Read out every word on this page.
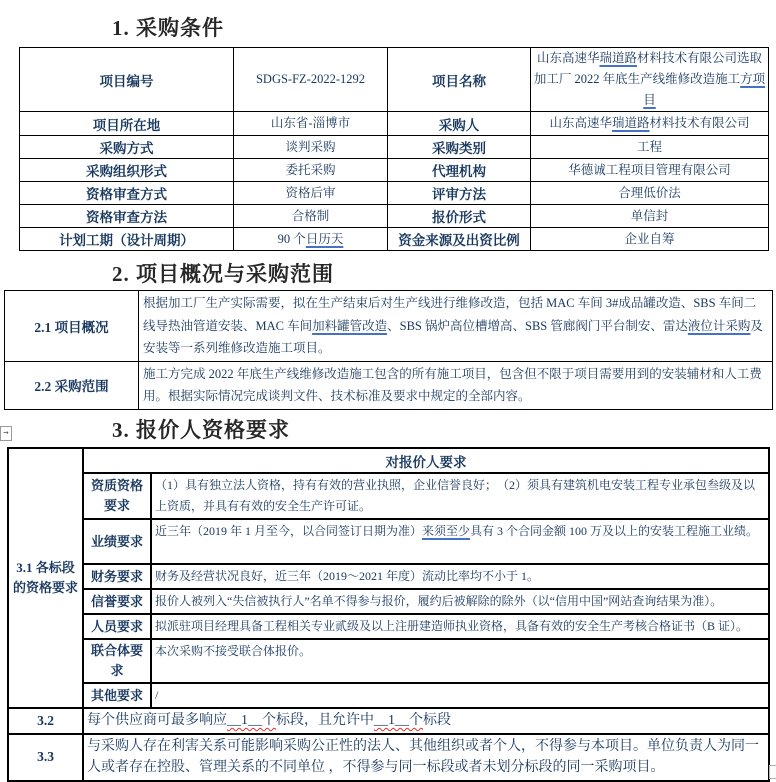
1. 采购条件
项目编号	SDGS-FZ-2022-1292	项目名称	山东高速华瑞道路材料技术有限公司选取加工厂 2022 年底生产线维修改造施工方项目
项目所在地	山东省-淄博市	采购人	山东高速华瑞道路材料技术有限公司
采购方式	谈判采购	采购类别	工程
采购组织形式	委托采购	代理机构	华德诚工程项目管理有限公司
资格审查方式	资格后审	评审方法	合理低价法
资格审查方法	合格制	报价形式	单信封
计划工期（设计周期）	90 个日历天	资金来源及出资比例	企业自筹
2. 项目概况与采购范围
2.1 项目概况	根据加工厂生产实际需要，拟在生产结束后对生产线进行维修改造，包括 MAC 车间 3#成品罐改造、SBS 车间二线导热油管道安装、MAC 车间加料罐管改造、SBS 锅炉高位槽增高、SBS 管廊阀门平台制安、雷达液位计采购及安装等一系列维修改造施工项目。
2.2 采购范围	施工方完成 2022 年底生产线维修改造施工包含的所有施工项目，包含但不限于项目需要用到的安装辅材和人工费用。根据实际情况完成谈判文件、技术标准及要求中规定的全部内容。
3. 报价人资格要求
→
3.1 各标段的资格要求	对报价人要求	
	资质资格要求	（1）具有独立法人资格，持有有效的营业执照，企业信誉良好；　（2）须具有建筑机电安装工程专业承包叁级及以上资质，并具有有效的安全生产许可证。
	业绩要求	近三年（2019 年 1 月至今，以合同签订日期为准）来须至少具有 3 个合同金额 100 万及以上的安装工程施工业绩。
	财务要求	财务及经营状况良好，近三年（2019～2021 年度）流动比率均不小于 1。
	信誉要求	报价人被列入“失信被执行人”名单不得参与报价，履约后被解除的除外（以“信用中国”网站查询结果为准）。
	人员要求	拟派驻项目经理具备工程相关专业贰级及以上注册建造师执业资格，具备有效的安全生产考核合格证书（B 证）。
	联合体要求	本次采购不接受联合体报价。
	其他要求	/
3.2	每个供应商可最多响应__1__个标段，且允许中__1__个标段	
3.3	与采购人存在利害关系可能影响采购公正性的法人、其他组织或者个人，不得参与本项目。单位负责人为同一人或者存在控股、管理关系的不同单位 ，不得参与同一标段或者未划分标段的同一采购项目。	
